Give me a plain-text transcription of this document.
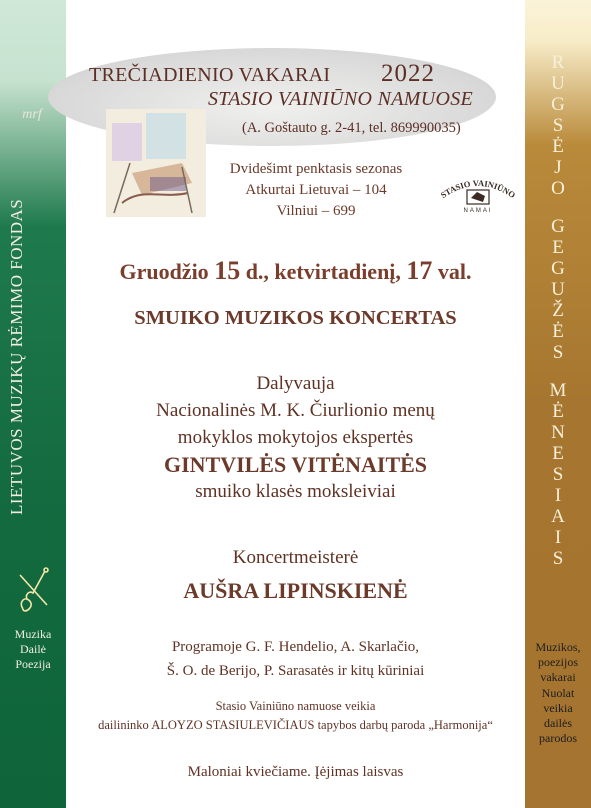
mrf
LIETUVOS MUZIKŲ RĖMIMO FONDAS
Muzika
Dailė
Poezija
R
U
G
S
Ė
J
O
G
E
G
U
Ž
Ė
S
M
Ė
N
E
S
I
A
I
S
Muzikos,
poezijos
vakarai
Nuolat
veikia
dailės
parodos
TREČIADIENIO VAKARAI
STASIO VAINIŪNO NAMUOSE
2022
(A. Goštauto g. 2-41, tel. 869990035)
Dvidešimt penktasis sezonas
Atkurtai Lietuvai – 104
Vilniui – 699
STASIO VAINIŪNO
NAMAI
Gruodžio 15 d., ketvirtadienį, 17 val.
SMUIKO MUZIKOS KONCERTAS
Dalyvauja
Nacionalinės M. K. Čiurlionio menų
mokyklos mokytojos ekspertės
GINTVILĖS VITĖNAITĖS
smuiko klasės moksleiviai
Koncertmeisterė
AUŠRA LIPINSKIENĖ
Programoje G. F. Hendelio, A. Skarlačio,
Š. O. de Berijo, P. Sarasatės ir kitų kūriniai
Stasio Vainiūno namuose veikia
dailininko ALOYZO STASIULEVIČIAUS tapybos darbų paroda „Harmonija“
Maloniai kviečiame. Įėjimas laisvas
